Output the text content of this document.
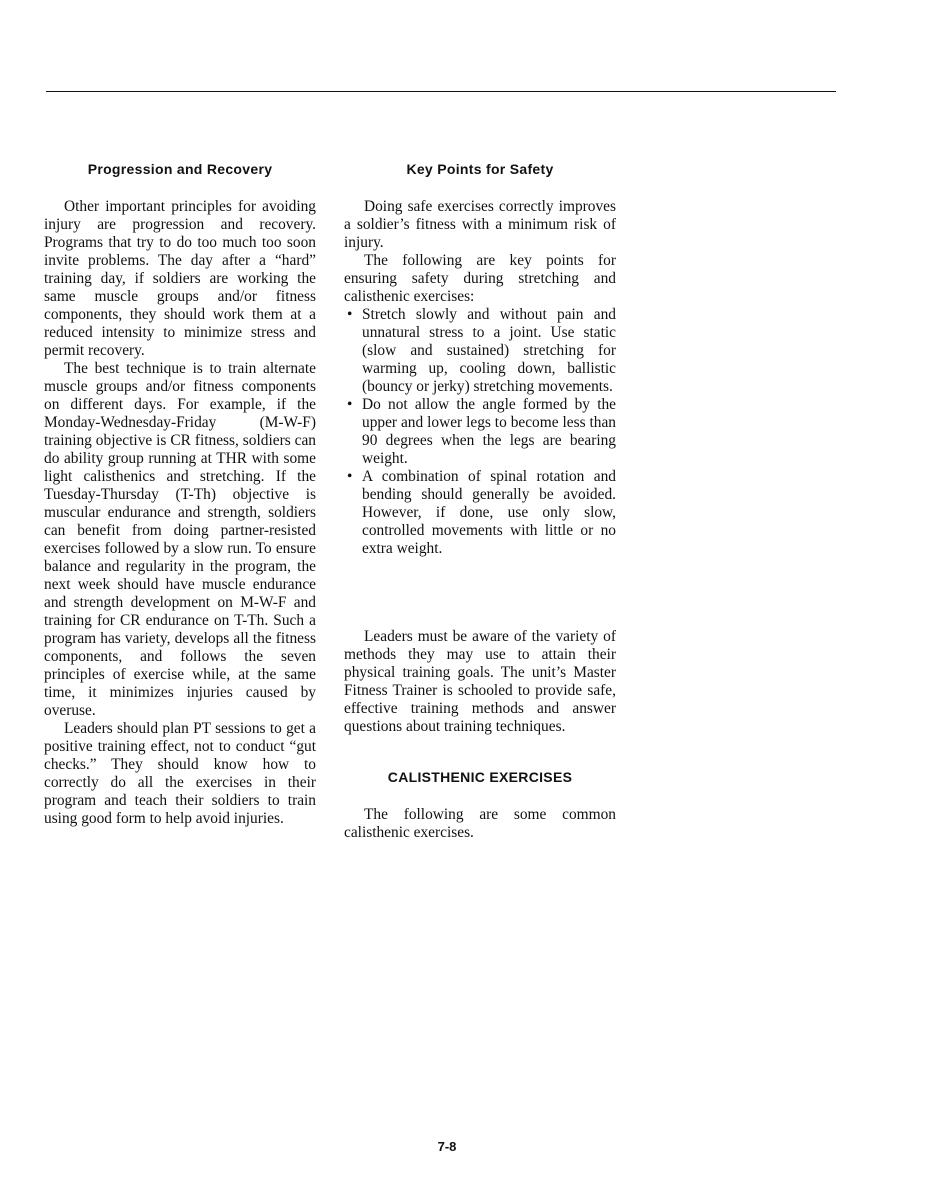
Progression and Recovery

Other important principles for avoiding injury are progression and recovery. Programs that try to do too much too soon invite problems. The day after a “hard” training day, if soldiers are working the same muscle groups and/or fitness components, they should work them at a reduced intensity to minimize stress and permit recovery.

The best technique is to train alternate muscle groups and/or fitness components on different days. For example, if the Monday-Wednesday-Friday (M-W-F) training objective is CR fitness, soldiers can do ability group running at THR with some light calisthenics and stretching. If the Tuesday-Thursday (T-Th) objective is muscular endurance and strength, soldiers can benefit from doing partner-resisted exercises followed by a slow run. To ensure balance and regularity in the program, the next week should have muscle endurance and strength development on M-W-F and training for CR endurance on T-Th. Such a program has variety, develops all the fitness components, and follows the seven principles of exercise while, at the same time, it minimizes injuries caused by overuse.

Leaders should plan PT sessions to get a positive training effect, not to conduct “gut checks.” They should know how to correctly do all the exercises in their program and teach their soldiers to train using good form to help avoid injuries.

Key Points for Safety

Doing safe exercises correctly improves a soldier’s fitness with a minimum risk of injury.

The following are key points for ensuring safety during stretching and calisthenic exercises:

• Stretch slowly and without pain and unnatural stress to a joint. Use static (slow and sustained) stretching for warming up, cooling down, ballistic (bouncy or jerky) stretching movements.
• Do not allow the angle formed by the upper and lower legs to become less than 90 degrees when the legs are bearing weight.
• A combination of spinal rotation and bending should generally be avoided. However, if done, use only slow, controlled movements with little or no extra weight.

Leaders must be aware of the variety of methods they may use to attain their physical training goals. The unit’s Master Fitness Trainer is schooled to provide safe, effective training methods and answer questions about training techniques.

CALISTHENIC EXERCISES

The following are some common calisthenic exercises.

7-8
